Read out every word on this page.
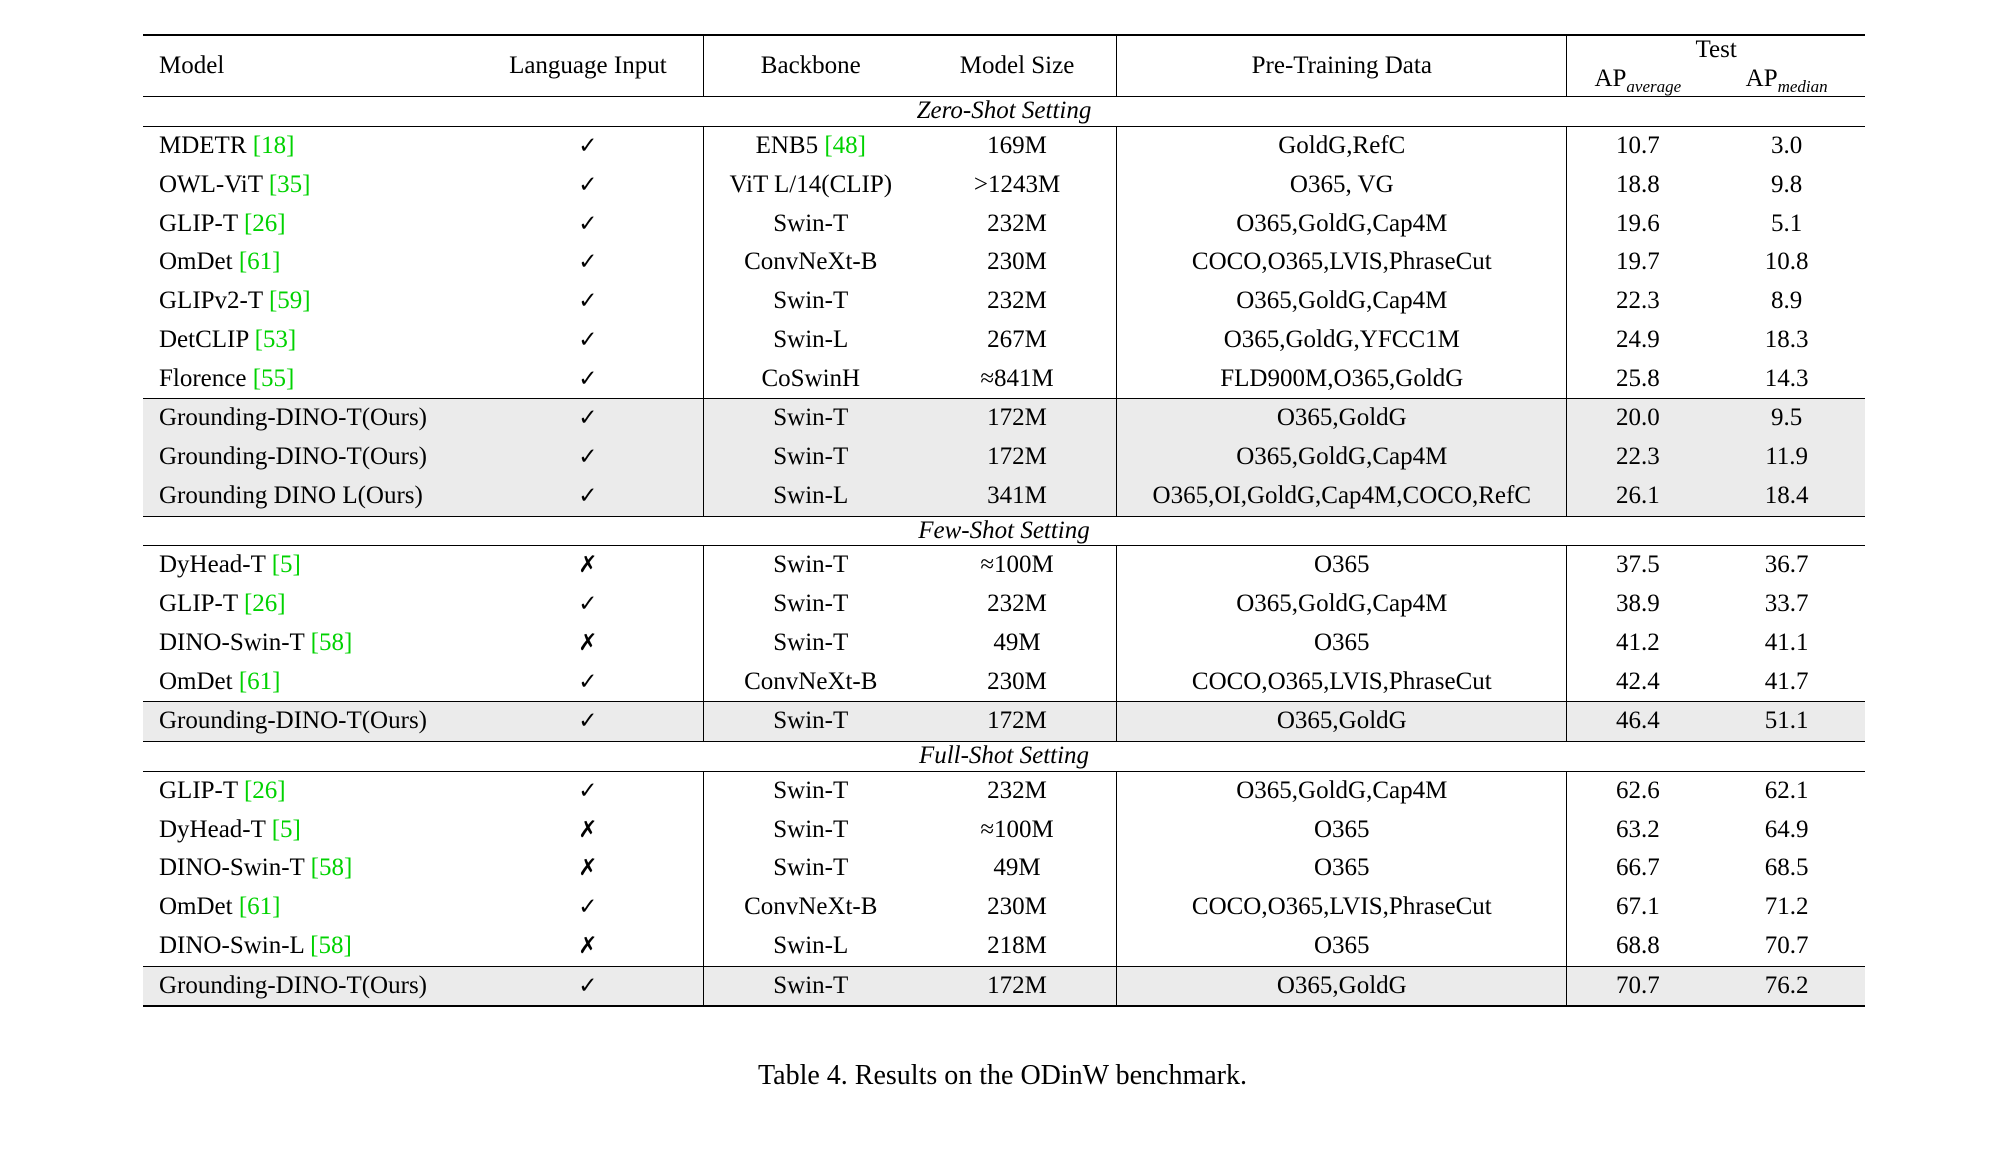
Model	Language Input	Backbone	Model Size	Pre-Training Data	Test	
					$AP_{average}$	$AP_{median}$
Zero-Shot Setting						
MDETR [18]	✓	ENB5 [48]	169M	GoldG,RefC	10.7	3.0
OWL-ViT [35]	✓	ViT L/14(CLIP)	>1243M	O365, VG	18.8	9.8
GLIP-T [26]	✓	Swin-T	232M	O365,GoldG,Cap4M	19.6	5.1
OmDet [61]	✓	ConvNeXt-B	230M	COCO,O365,LVIS,PhraseCut	19.7	10.8
GLIPv2-T [59]	✓	Swin-T	232M	O365,GoldG,Cap4M	22.3	8.9
DetCLIP [53]	✓	Swin-L	267M	O365,GoldG,YFCC1M	24.9	18.3
Florence [55]	✓	CoSwinH	≈841M	FLD900M,O365,GoldG	25.8	14.3
Grounding-DINO-T(Ours)	✓	Swin-T	172M	O365,GoldG	20.0	9.5
Grounding-DINO-T(Ours)	✓	Swin-T	172M	O365,GoldG,Cap4M	22.3	11.9
Grounding DINO L(Ours)	✓	Swin-L	341M	O365,OI,GoldG,Cap4M,COCO,RefC	26.1	18.4
Few-Shot Setting						
DyHead-T [5]	✗	Swin-T	≈100M	O365	37.5	36.7
GLIP-T [26]	✓	Swin-T	232M	O365,GoldG,Cap4M	38.9	33.7
DINO-Swin-T [58]	✗	Swin-T	49M	O365	41.2	41.1
OmDet [61]	✓	ConvNeXt-B	230M	COCO,O365,LVIS,PhraseCut	42.4	41.7
Grounding-DINO-T(Ours)	✓	Swin-T	172M	O365,GoldG	46.4	51.1
Full-Shot Setting						
GLIP-T [26]	✓	Swin-T	232M	O365,GoldG,Cap4M	62.6	62.1
DyHead-T [5]	✗	Swin-T	≈100M	O365	63.2	64.9
DINO-Swin-T [58]	✗	Swin-T	49M	O365	66.7	68.5
OmDet [61]	✓	ConvNeXt-B	230M	COCO,O365,LVIS,PhraseCut	67.1	71.2
DINO-Swin-L [58]	✗	Swin-L	218M	O365	68.8	70.7
Grounding-DINO-T(Ours)	✓	Swin-T	172M	O365,GoldG	70.7	76.2

Table 4. Results on the ODinW benchmark.
